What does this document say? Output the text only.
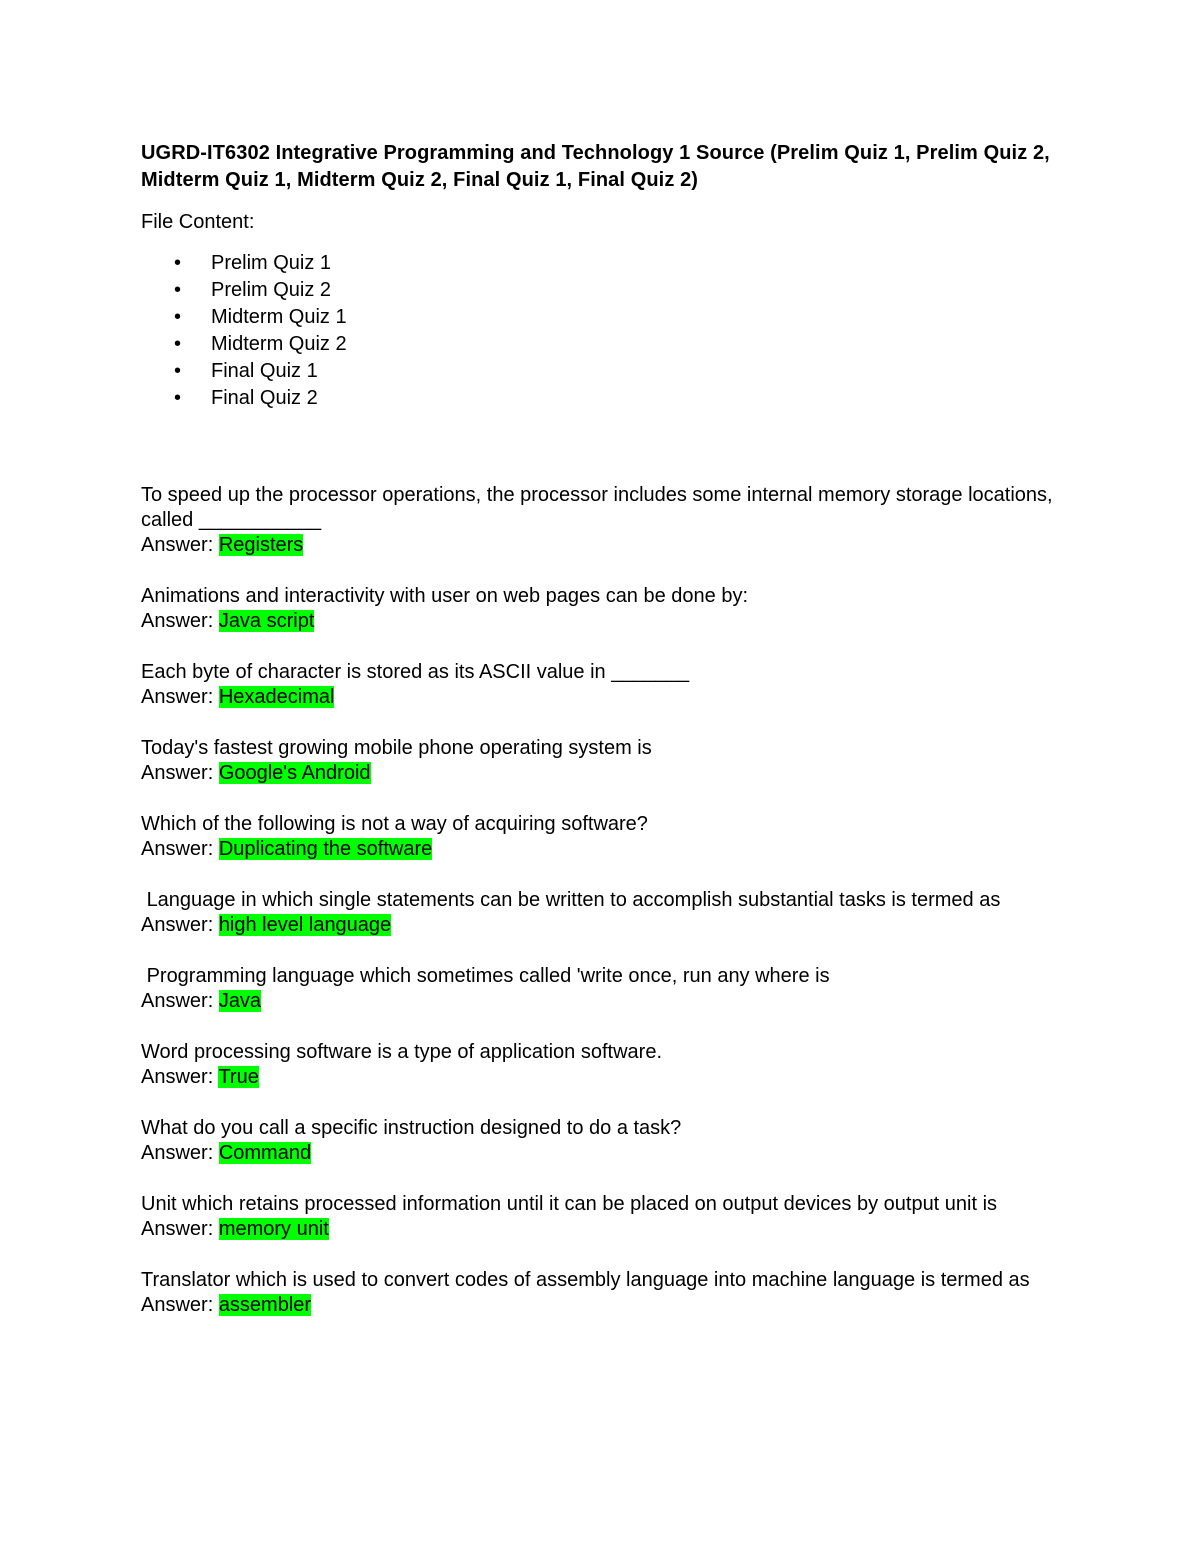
UGRD-IT6302 Integrative Programming and Technology 1 Source (Prelim Quiz 1, Prelim Quiz 2, Midterm Quiz 1, Midterm Quiz 2, Final Quiz 1, Final Quiz 2)
File Content:
• Prelim Quiz 1
• Prelim Quiz 2
• Midterm Quiz 1
• Midterm Quiz 2
• Final Quiz 1
• Final Quiz 2
To speed up the processor operations, the processor includes some internal memory storage locations, called ___________
Answer: Registers
Animations and interactivity with user on web pages can be done by:
Answer: Java script
Each byte of character is stored as its ASCII value in _______
Answer: Hexadecimal
Today's fastest growing mobile phone operating system is
Answer: Google's Android
Which of the following is not a way of acquiring software?
Answer: Duplicating the software
Language in which single statements can be written to accomplish substantial tasks is termed as
Answer: high level language
Programming language which sometimes called 'write once, run any where is
Answer: Java
Word processing software is a type of application software.
Answer: True
What do you call a specific instruction designed to do a task?
Answer: Command
Unit which retains processed information until it can be placed on output devices by output unit is
Answer: memory unit
Translator which is used to convert codes of assembly language into machine language is termed as
Answer: assembler
